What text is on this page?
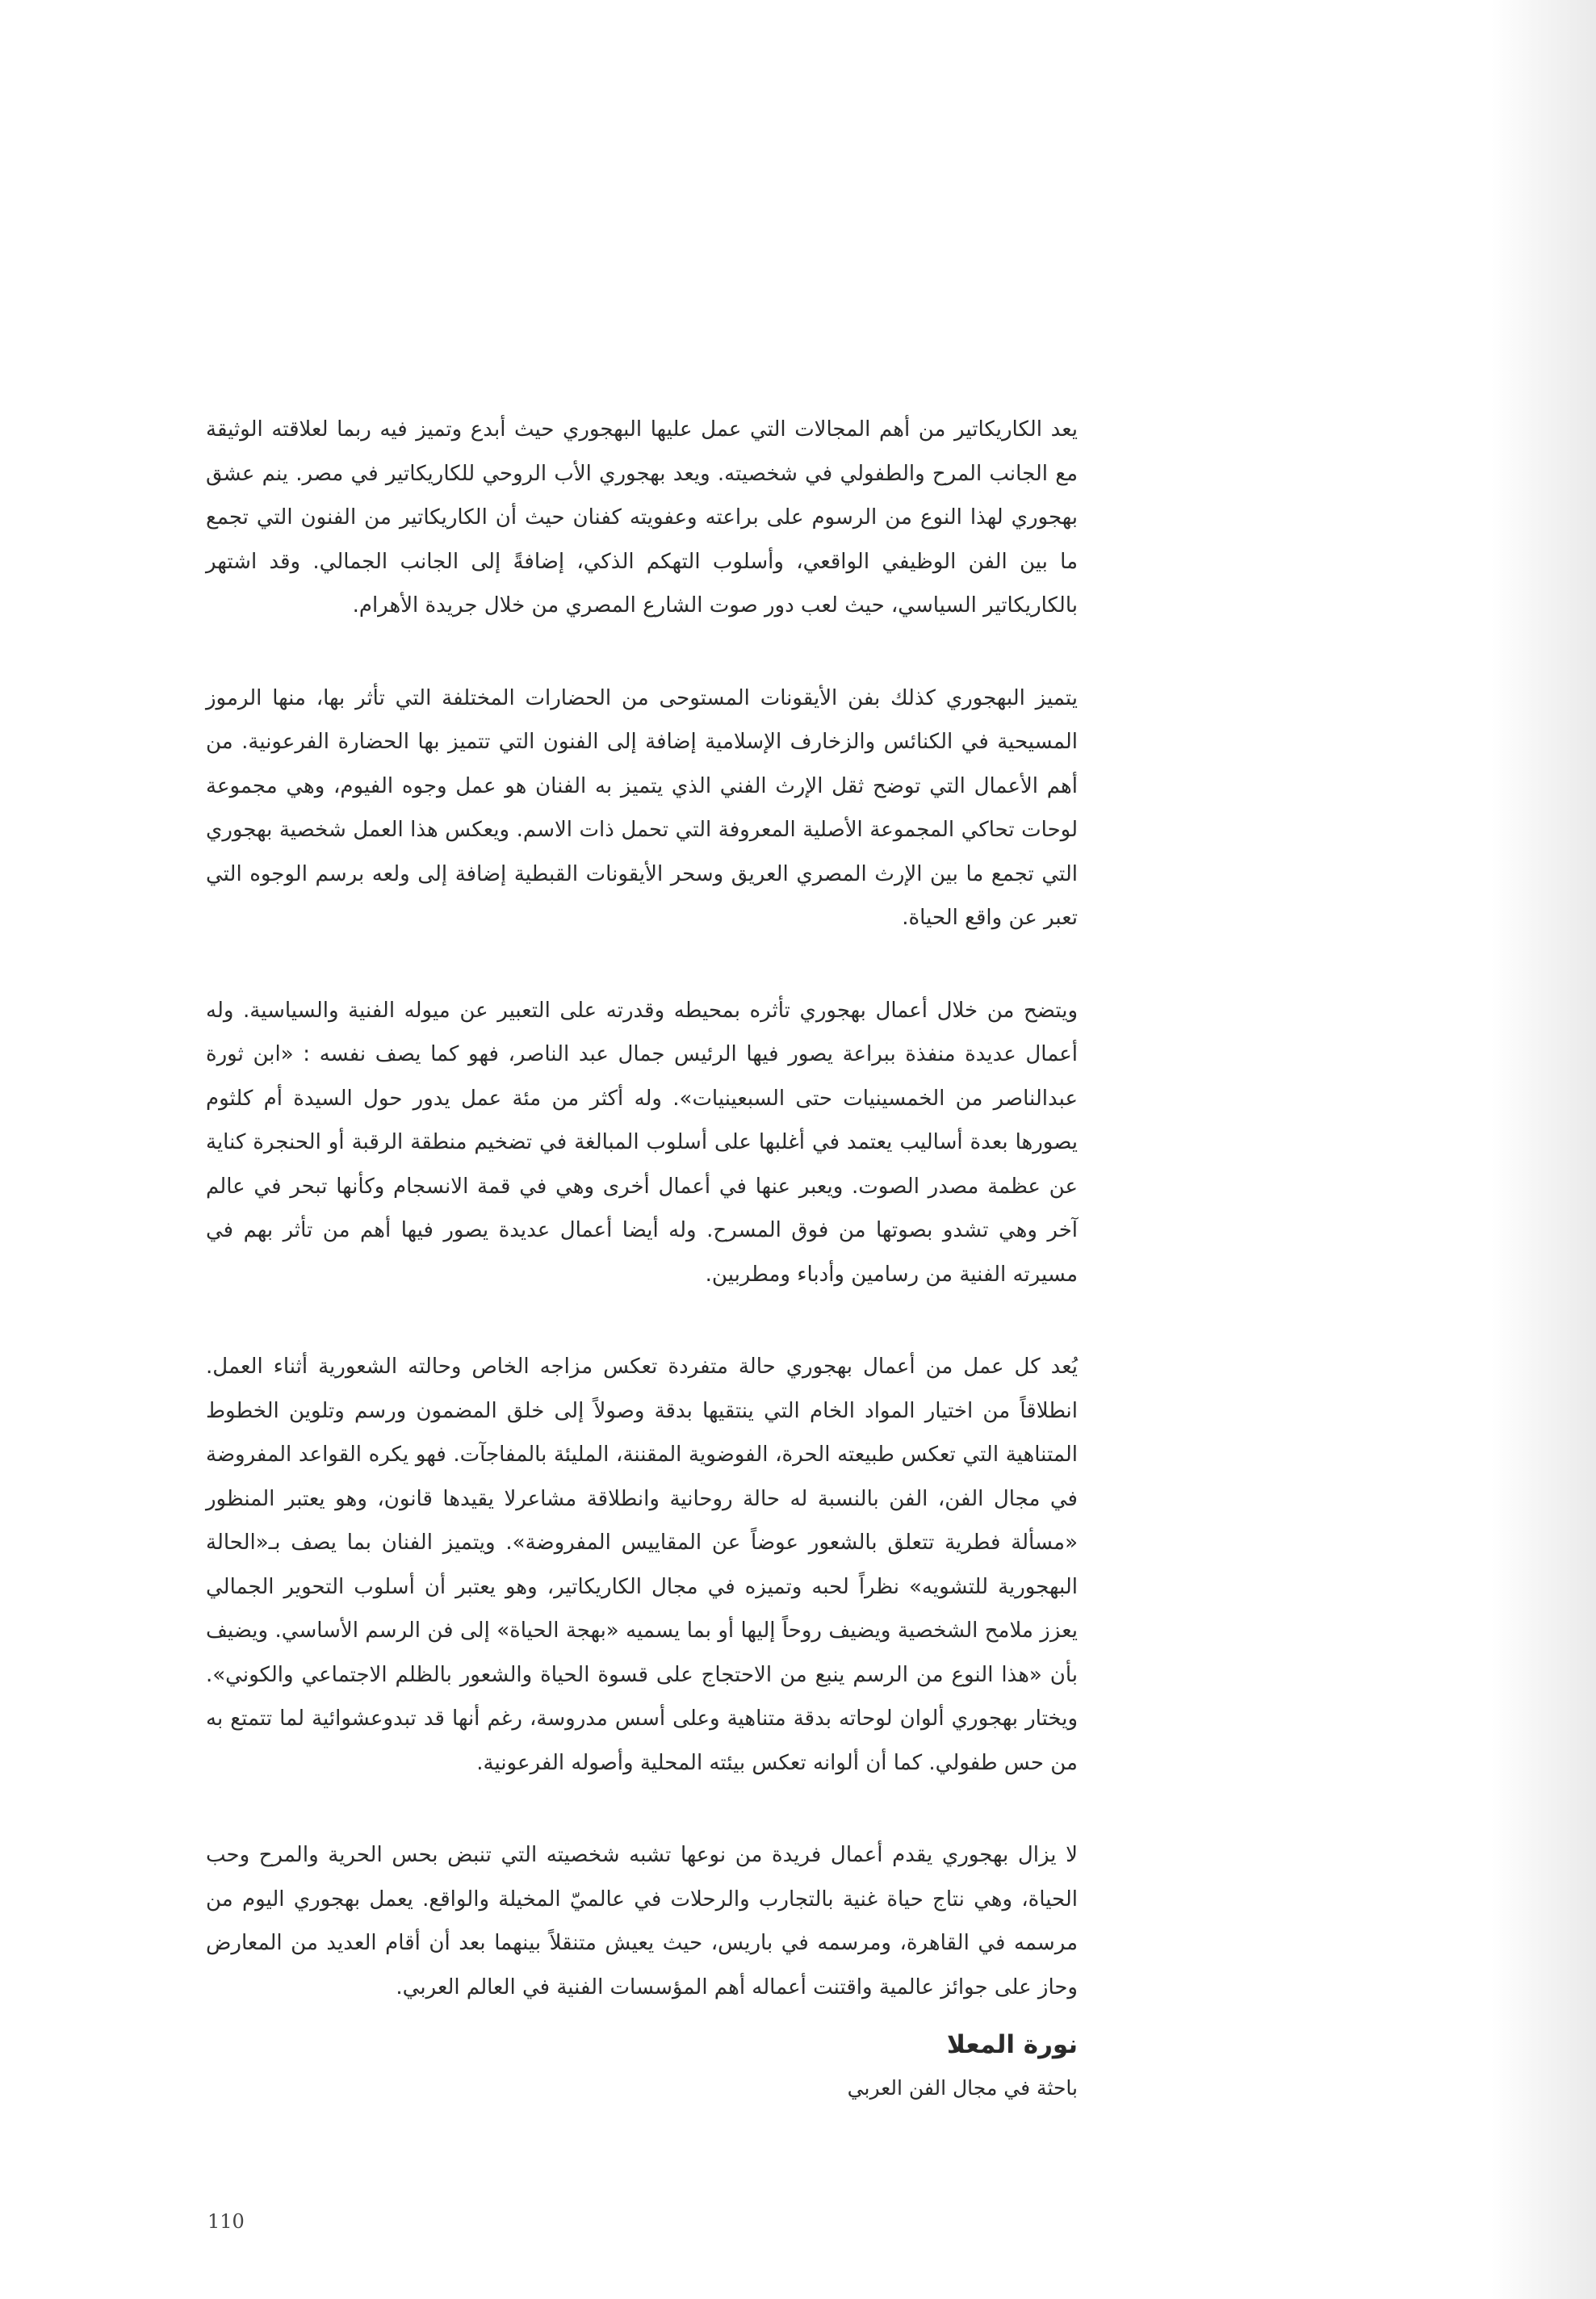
يعد الكاريكاتير من أهم المجالات التي عمل عليها البهجوري حيث أبدع وتميز فيه ربما لعلاقته الوثيقة مع الجانب المرح والطفولي في شخصيته. ويعد بهجوري الأب الروحي للكاريكاتير في مصر. ينم عشق بهجوري لهذا النوع من الرسوم على براعته وعفويته كفنان حيث أن الكاريكاتير من الفنون التي تجمع ما بين الفن الوظيفي الواقعي، وأسلوب التهكم الذكي، إضافةً إلى الجانب الجمالي. وقد اشتهر بالكاريكاتير السياسي، حيث لعب دور صوت الشارع المصري من خلال جريدة الأهرام.

يتميز البهجوري كذلك بفن الأيقونات المستوحى من الحضارات المختلفة التي تأثر بها، منها الرموز المسيحية في الكنائس والزخارف الإسلامية إضافة إلى الفنون التي تتميز بها الحضارة الفرعونية. من أهم الأعمال التي توضح ثقل الإرث الفني الذي يتميز به الفنان هو عمل وجوه الفيوم، وهي مجموعة لوحات تحاكي المجموعة الأصلية المعروفة التي تحمل ذات الاسم. ويعكس هذا العمل شخصية بهجوري التي تجمع ما بين الإرث المصري العريق وسحر الأيقونات القبطية إضافة إلى ولعه برسم الوجوه التي تعبر عن واقع الحياة.

ويتضح من خلال أعمال بهجوري تأثره بمحيطه وقدرته على التعبير عن ميوله الفنية والسياسية. وله أعمال عديدة منفذة ببراعة يصور فيها الرئيس جمال عبد الناصر، فهو كما يصف نفسه : «ابن ثورة عبدالناصر من الخمسينيات حتى السبعينيات». وله أكثر من مئة عمل يدور حول السيدة أم كلثوم يصورها بعدة أساليب يعتمد في أغلبها على أسلوب المبالغة في تضخيم منطقة الرقبة أو الحنجرة كناية عن عظمة مصدر الصوت. ويعبر عنها في أعمال أخرى وهي في قمة الانسجام وكأنها تبحر في عالم آخر وهي تشدو بصوتها من فوق المسرح. وله أيضا أعمال عديدة يصور فيها أهم من تأثر بهم في مسيرته الفنية من رسامين وأدباء ومطربين.

يُعد كل عمل من أعمال بهجوري حالة متفردة تعكس مزاجه الخاص وحالته الشعورية أثناء العمل. انطلاقاً من اختيار المواد الخام التي ينتقيها بدقة وصولاً إلى خلق المضمون ورسم وتلوين الخطوط المتناهية التي تعكس طبيعته الحرة، الفوضوية المقننة، المليئة بالمفاجآت. فهو يكره القواعد المفروضة في مجال الفن، الفن بالنسبة له حالة روحانية وانطلاقة مشاعرلا يقيدها قانون، وهو يعتبر المنظور «مسألة فطرية تتعلق بالشعور عوضاً عن المقاييس المفروضة». ويتميز الفنان بما يصف بـ«الحالة البهجورية للتشويه» نظراً لحبه وتميزه في مجال الكاريكاتير، وهو يعتبر أن أسلوب التحوير الجمالي يعزز ملامح الشخصية ويضيف روحاً إليها أو بما يسميه «بهجة الحياة» إلى فن الرسم الأساسي. ويضيف بأن «هذا النوع من الرسم ينبع من الاحتجاج على قسوة الحياة والشعور بالظلم الاجتماعي والكوني». ويختار بهجوري ألوان لوحاته بدقة متناهية وعلى أسس مدروسة، رغم أنها قد تبدوعشوائية لما تتمتع به من حس طفولي. كما أن ألوانه تعكس بيئته المحلية وأصوله الفرعونية.

لا يزال بهجوري يقدم أعمال فريدة من نوعها تشبه شخصيته التي تنبض بحس الحرية والمرح وحب الحياة، وهي نتاج حياة غنية بالتجارب والرحلات في عالميّ المخيلة والواقع. يعمل بهجوري اليوم من مرسمه في القاهرة، ومرسمه في باريس، حيث يعيش متنقلاً بينهما بعد أن أقام العديد من المعارض وحاز على جوائز عالمية واقتنت أعماله أهم المؤسسات الفنية في العالم العربي.

نورة المعلا
باحثة في مجال الفن العربي
110
